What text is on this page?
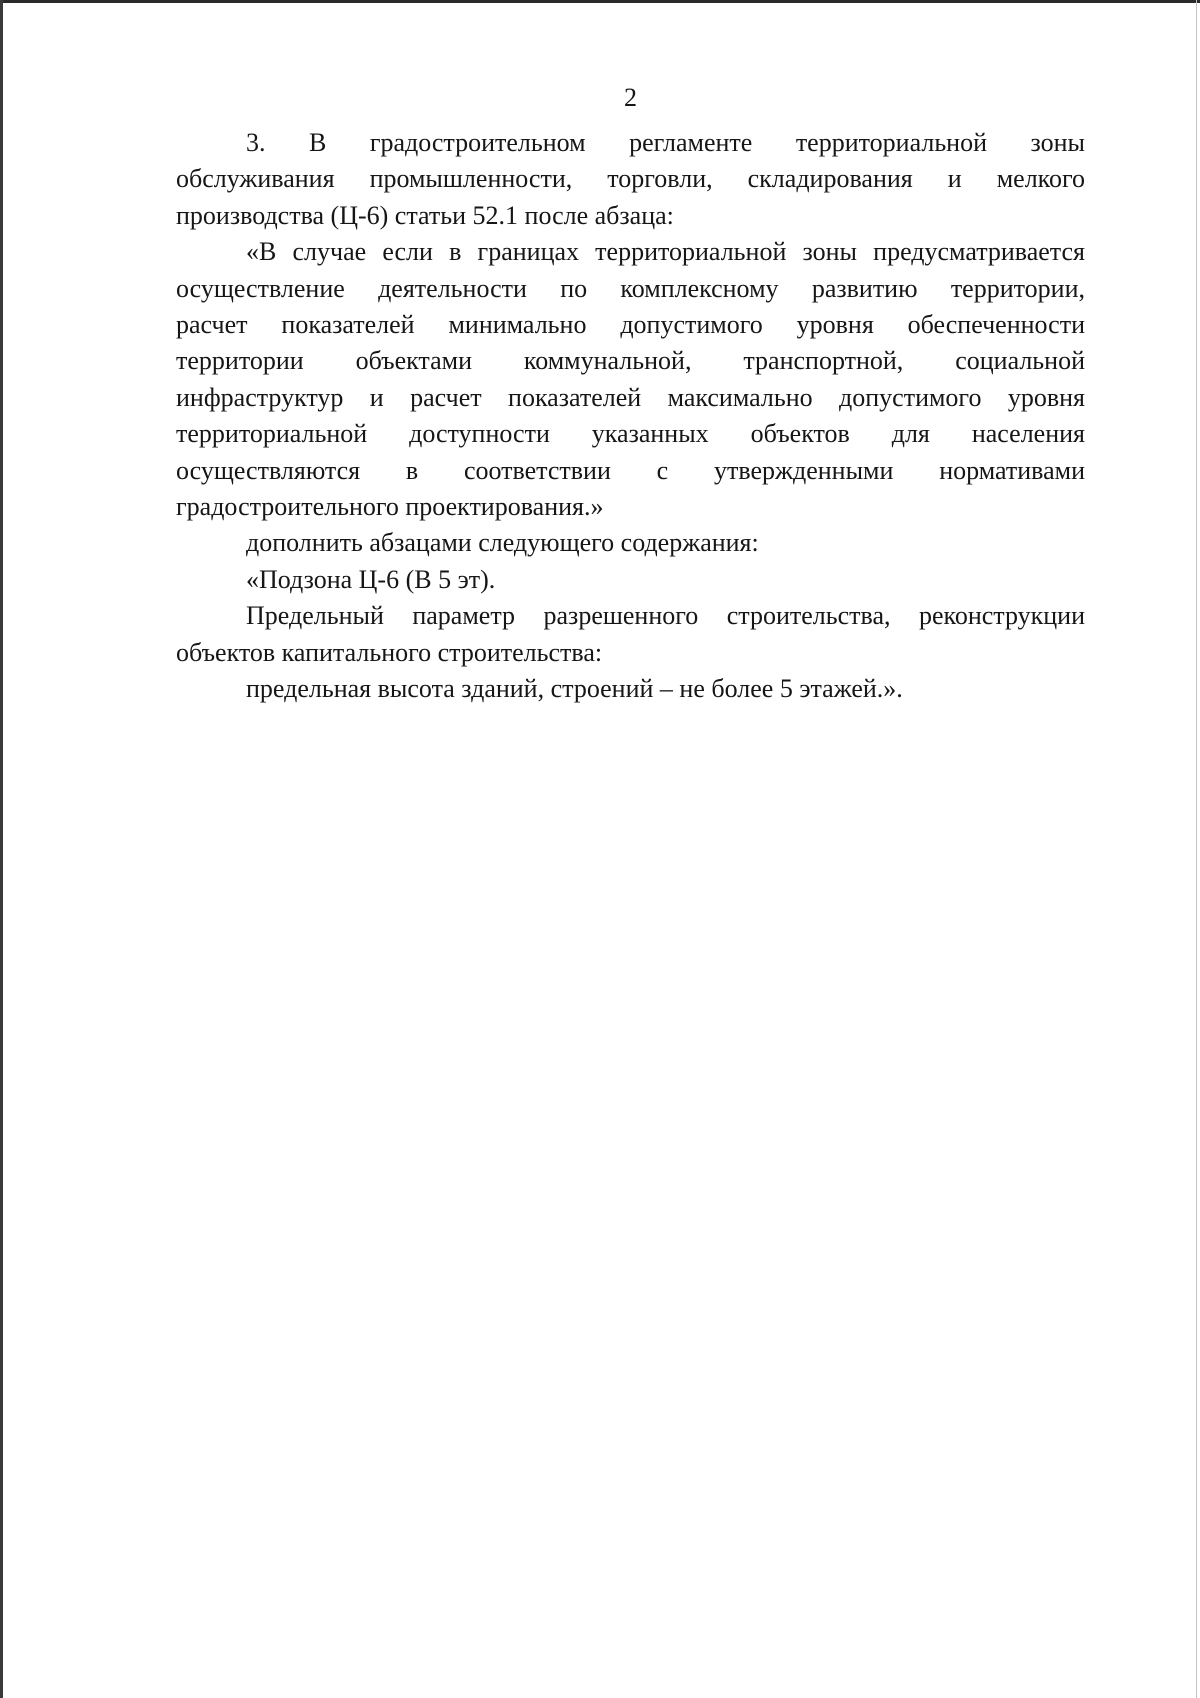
2
3. В градостроительном регламенте территориальной зоны
обслуживания промышленности, торговли, складирования и мелкого
производства (Ц-6) статьи 52.1 после абзаца:
«В случае если в границах территориальной зоны предусматривается
осуществление деятельности по комплексному развитию территории,
расчет показателей минимально допустимого уровня обеспеченности
территории объектами коммунальной, транспортной, социальной
инфраструктур и расчет показателей максимально допустимого уровня
территориальной доступности указанных объектов для населения
осуществляются в соответствии с утвержденными нормативами
градостроительного проектирования.»
дополнить абзацами следующего содержания:
«Подзона Ц-6 (В 5 эт).
Предельный параметр разрешенного строительства, реконструкции
объектов капитального строительства:
предельная высота зданий, строений – не более 5 этажей.».
